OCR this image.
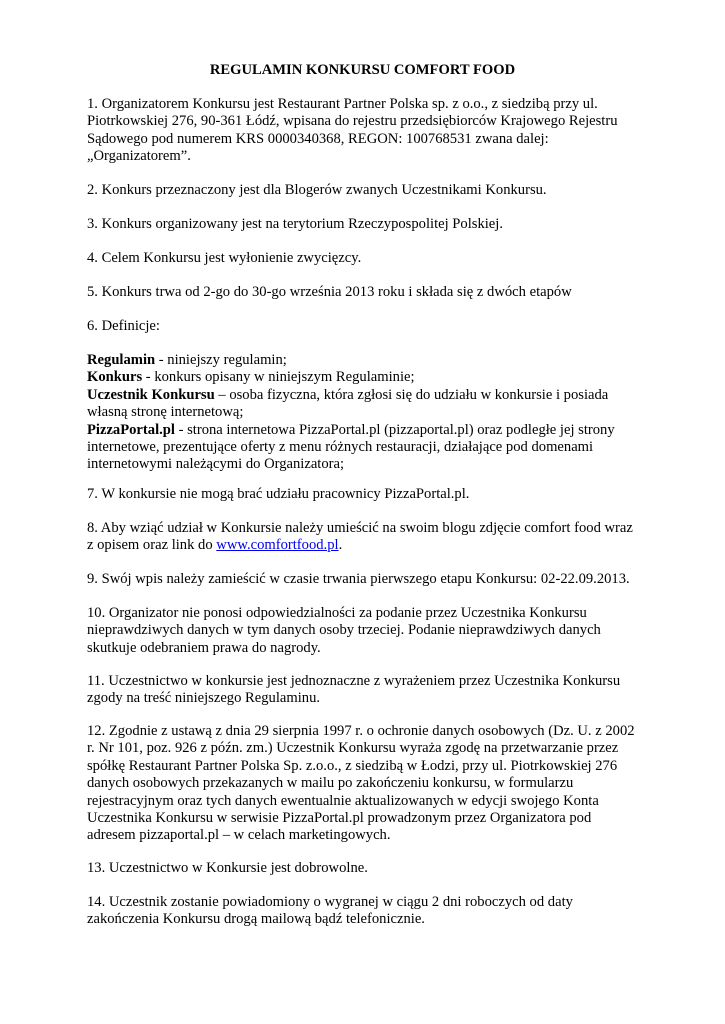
REGULAMIN KONKURSU COMFORT FOOD
1. Organizatorem Konkursu jest Restaurant Partner Polska sp. z o.o., z siedzibą przy ul.
Piotrkowskiej 276, 90-361 Łódź, wpisana do rejestru przedsiębiorców Krajowego Rejestru
Sądowego pod numerem KRS 0000340368, REGON: 100768531 zwana dalej:
„Organizatorem”.
2. Konkurs przeznaczony jest dla Blogerów zwanych Uczestnikami Konkursu.
3. Konkurs organizowany jest na terytorium Rzeczypospolitej Polskiej.
4. Celem Konkursu jest wyłonienie zwycięzcy.
5. Konkurs trwa od 2-go do 30-go września 2013 roku i składa się z dwóch etapów
6. Definicje:
Regulamin - niniejszy regulamin;
Konkurs - konkurs opisany w niniejszym Regulaminie;
Uczestnik Konkursu – osoba fizyczna, która zgłosi się do udziału w konkursie i posiada
własną stronę internetową;
PizzaPortal.pl - strona internetowa PizzaPortal.pl (pizzaportal.pl) oraz podległe jej strony
internetowe, prezentujące oferty z menu różnych restauracji, działające pod domenami
internetowymi należącymi do Organizatora;
7. W konkursie nie mogą brać udziału pracownicy PizzaPortal.pl.
8. Aby wziąć udział w Konkursie należy umieścić na swoim blogu zdjęcie comfort food wraz
z opisem oraz link do www.comfortfood.pl.
9. Swój wpis należy zamieścić w czasie trwania pierwszego etapu Konkursu: 02-22.09.2013.
10. Organizator nie ponosi odpowiedzialności za podanie przez Uczestnika Konkursu
nieprawdziwych danych w tym danych osoby trzeciej. Podanie nieprawdziwych danych
skutkuje odebraniem prawa do nagrody.
11. Uczestnictwo w konkursie jest jednoznaczne z wyrażeniem przez Uczestnika Konkursu
zgody na treść niniejszego Regulaminu.
12. Zgodnie z ustawą z dnia 29 sierpnia 1997 r. o ochronie danych osobowych (Dz. U. z 2002
r. Nr 101, poz. 926 z późn. zm.) Uczestnik Konkursu wyraża zgodę na przetwarzanie przez
spółkę Restaurant Partner Polska Sp. z.o.o., z siedzibą w Łodzi, przy ul. Piotrkowskiej 276
danych osobowych przekazanych w mailu po zakończeniu konkursu, w formularzu
rejestracyjnym oraz tych danych ewentualnie aktualizowanych w edycji swojego Konta
Uczestnika Konkursu w serwisie PizzaPortal.pl prowadzonym przez Organizatora pod
adresem pizzaportal.pl – w celach marketingowych.
13. Uczestnictwo w Konkursie jest dobrowolne.
14. Uczestnik zostanie powiadomiony o wygranej w ciągu 2 dni roboczych od daty
zakończenia Konkursu drogą mailową bądź telefonicznie.
